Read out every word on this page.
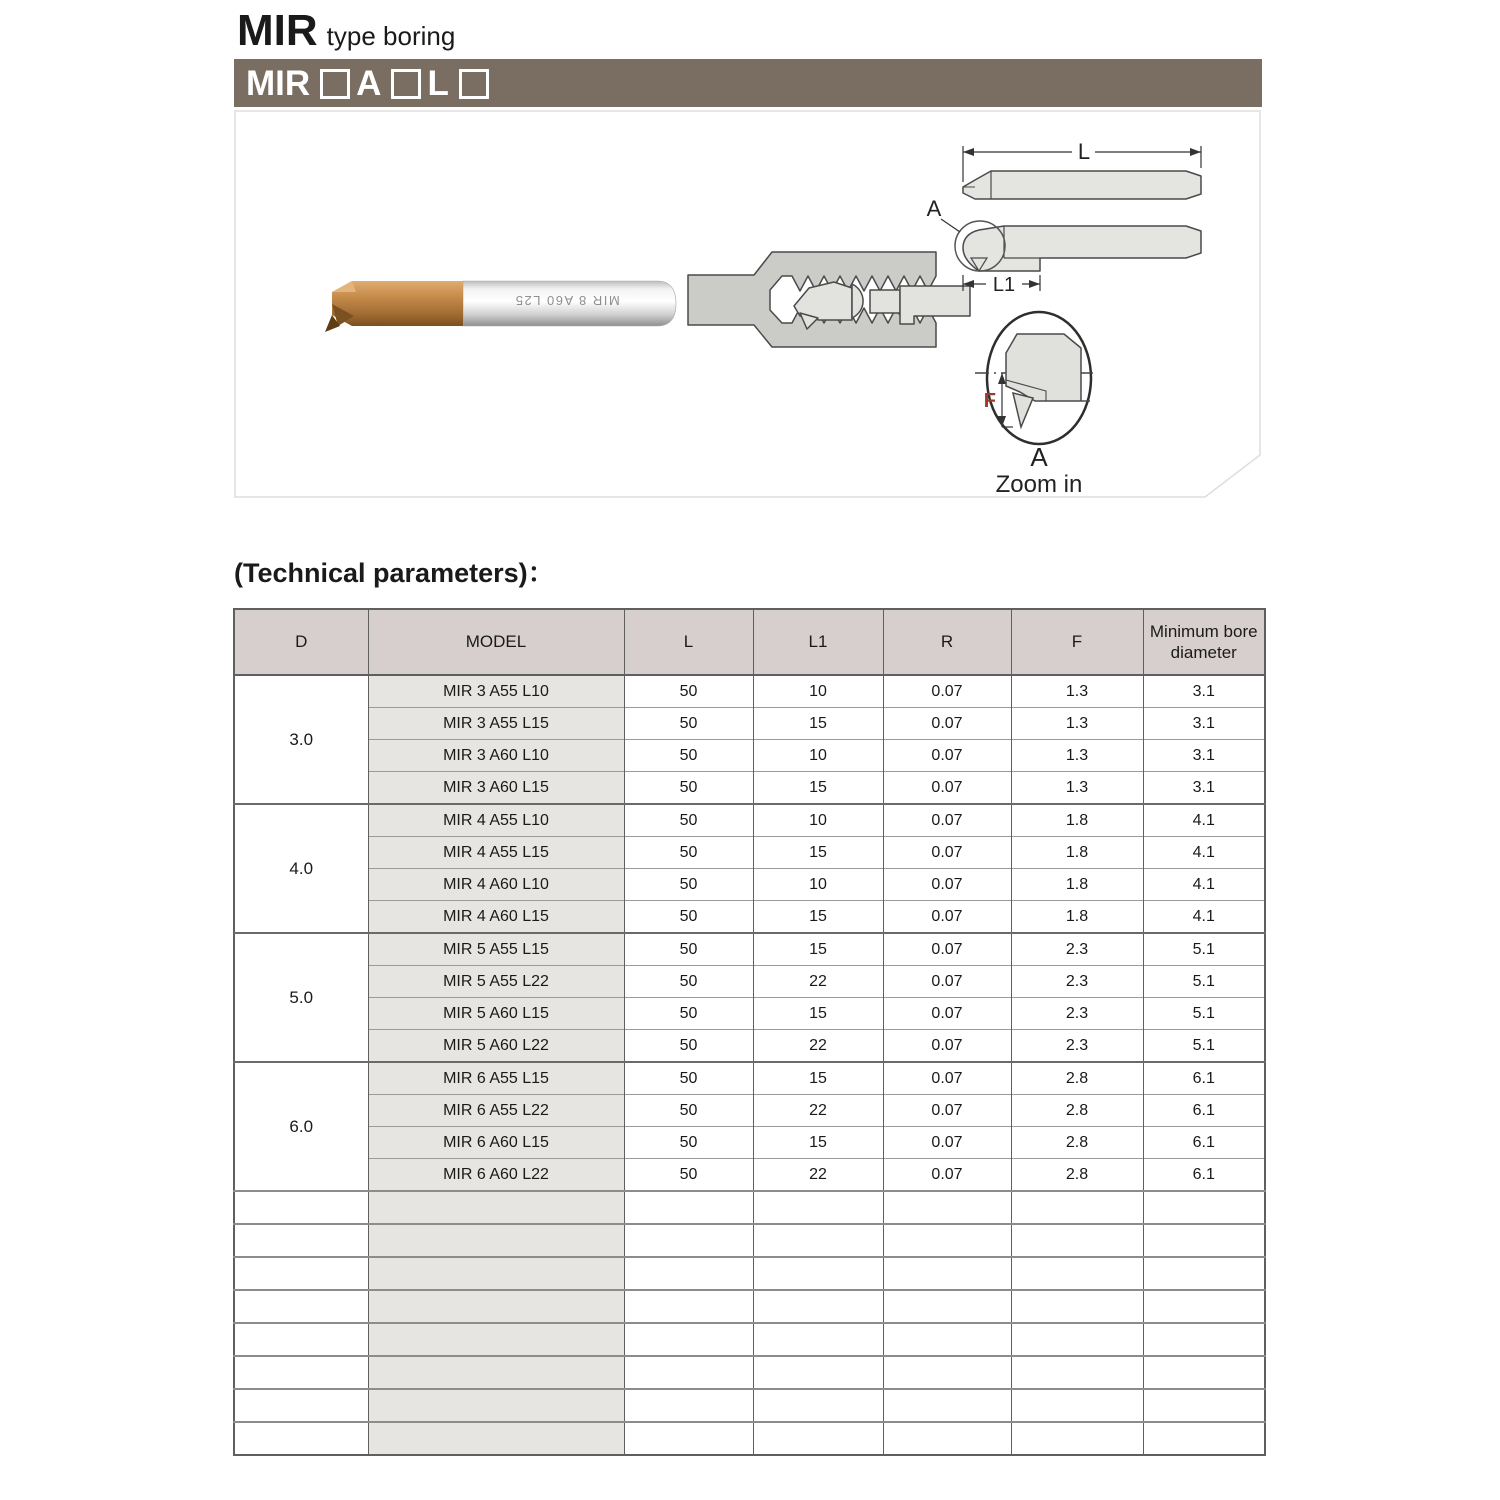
MIR type boring
MIR A L
MIR 8 A60 L25
L
A
L1
F
A
Zoom in
(Technical parameters)：
D	MODEL	L	L1	R	F	Minimum bore diameter
3.0	MIR 3 A55 L10	50	10	0.07	1.3	3.1
	MIR 3 A55 L15	50	15	0.07	1.3	3.1
	MIR 3 A60 L10	50	10	0.07	1.3	3.1
	MIR 3 A60 L15	50	15	0.07	1.3	3.1
4.0	MIR 4 A55 L10	50	10	0.07	1.8	4.1
	MIR 4 A55 L15	50	15	0.07	1.8	4.1
	MIR 4 A60 L10	50	10	0.07	1.8	4.1
	MIR 4 A60 L15	50	15	0.07	1.8	4.1
5.0	MIR 5 A55 L15	50	15	0.07	2.3	5.1
	MIR 5 A55 L22	50	22	0.07	2.3	5.1
	MIR 5 A60 L15	50	15	0.07	2.3	5.1
	MIR 5 A60 L22	50	22	0.07	2.3	5.1
6.0	MIR 6 A55 L15	50	15	0.07	2.8	6.1
	MIR 6 A55 L22	50	22	0.07	2.8	6.1
	MIR 6 A60 L15	50	15	0.07	2.8	6.1
	MIR 6 A60 L22	50	22	0.07	2.8	6.1
